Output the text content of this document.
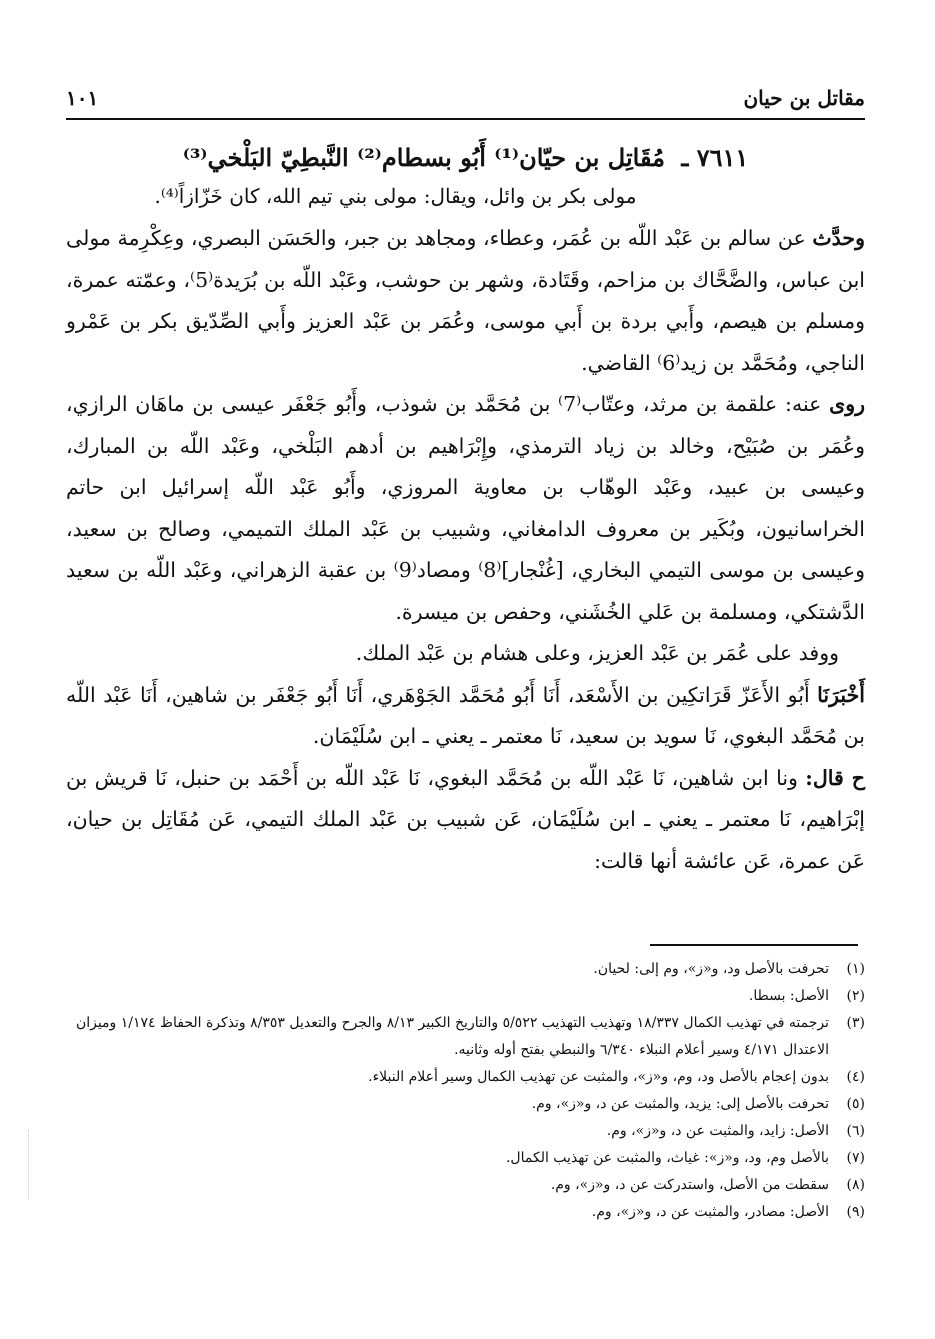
مقاتل بن حيان
١٠١
٧٦١١ ـ مُقَاتِل بن حيّان⁽¹⁾ أَبُو بسطام⁽²⁾ النَّبطِيّ البَلْخي⁽³⁾
مولى بكر بن وائل، ويقال: مولى بني تيم الله، كان خَزّازاً⁽⁴⁾.
وحدَّث عن سالم بن عَبْد اللّه بن عُمَر، وعطاء، ومجاهد بن جبر، والحَسَن البصري، وعِكْرِمة مولى ابن عباس، والضَّحَّاك بن مزاحم، وقَتَادة، وشهر بن حوشب، وعَبْد اللّه بن بُرَيدة⁽5⁾، وعمّته عمرة، ومسلم بن هيصم، وأَبي بردة بن أَبي موسى، وعُمَر بن عَبْد العزيز وأَبي الصِّدّيق بكر بن عَمْرو الناجي، ومُحَمَّد بن زيد⁽6⁾ القاضي.
روى عنه: علقمة بن مرثد، وعتّاب⁽7⁾ بن مُحَمَّد بن شوذب، وأَبُو جَعْفَر عيسى بن ماهَان الرازي، وعُمَر بن صُبَيْح، وخالد بن زياد الترمذي، وإِبْرَاهيم بن أدهم البَلْخي، وعَبْد اللّه بن المبارك، وعيسى بن عبيد، وعَبْد الوهّاب بن معاوية المروزي، وأَبُو عَبْد اللّه إسرائيل ابن حاتم الخراسانيون، وبُكَير بن معروف الدامغاني، وشبيب بن عَبْد الملك التميمي، وصالح بن سعيد، وعيسى بن موسى التيمي البخاري، [غُنْجار]⁽8⁾ ومصاد⁽9⁾ بن عقبة الزهراني، وعَبْد اللّه بن سعيد الدَّشتكي، ومسلمة بن عَلي الخُشَني، وحفص بن ميسرة.
ووفد على عُمَر بن عَبْد العزيز، وعلى هشام بن عَبْد الملك.
أَخْبَرَنَا أَبُو الأَعَزّ قَرَاتكِين بن الأَسْعَد، أَنَا أَبُو مُحَمَّد الجَوْهَري، أَنَا أَبُو جَعْفَر بن شاهين، أَنَا عَبْد اللّه بن مُحَمَّد البغوي، نَا سويد بن سعيد، نَا معتمر ـ يعني ـ ابن سُلَيْمَان.
ح قال: ونا ابن شاهين، نَا عَبْد اللّه بن مُحَمَّد البغوي، نَا عَبْد اللّه بن أَحْمَد بن حنبل، نَا قريش بن إبْرَاهيم، نَا معتمر ـ يعني ـ ابن سُلَيْمَان، عَن شبيب بن عَبْد الملك التيمي، عَن مُقَاتِل بن حيان، عَن عمرة، عَن عائشة أنها قالت:
(١)
تحرفت بالأصل ود، و«ز»، وم إلى: لحيان.
(٢)
الأصل: بسطا.
(٣)
ترجمته في تهذيب الكمال ١٨/٣٣٧ وتهذيب التهذيب ٥/٥٢٢ والتاريخ الكبير ٨/١٣ والجرح والتعديل ٨/٣٥٣ وتذكرة الحفاظ ١/١٧٤ وميزان الاعتدال ٤/١٧١ وسير أعلام النبلاء ٦/٣٤٠ والنبطي بفتح أوله وثانيه.
(٤)
بدون إعجام بالأصل ود، وم، و«ز»، والمثبت عن تهذيب الكمال وسير أعلام النبلاء.
(٥)
تحرفت بالأصل إلى: يزيد، والمثبت عن د، و«ز»، وم.
(٦)
الأصل: زايد، والمثبت عن د، و«ز»، وم.
(٧)
بالأصل وم، ود، و«ز»: غياث، والمثبت عن تهذيب الكمال.
(٨)
سقطت من الأصل، واستدركت عن د، و«ز»، وم.
(٩)
الأصل: مصادر، والمثبت عن د، و«ز»، وم.
